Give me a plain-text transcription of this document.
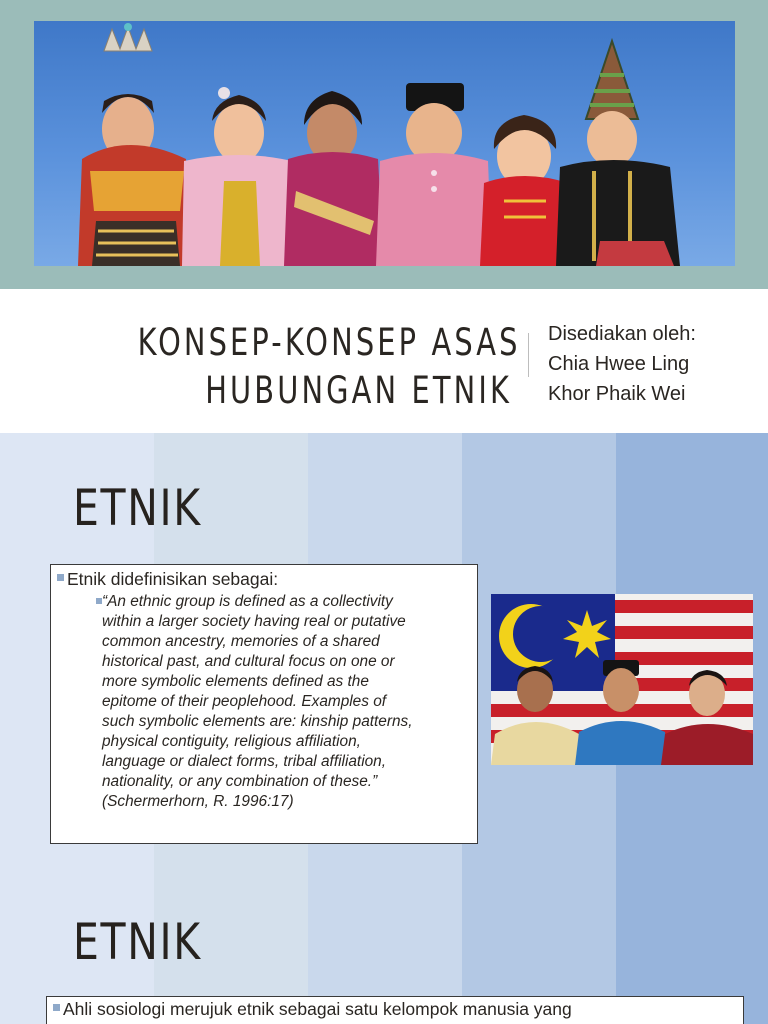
KONSEP-KONSEP ASAS
HUBUNGAN ETNIK
Disediakan oleh:
Chia Hwee Ling
Khor Phaik Wei
ETNIK
Etnik didefinisikan sebagai:
“An ethnic group is defined as a collectivity
within a larger society having real or putative
common ancestry, memories of a shared
historical past, and cultural focus on one or
more symbolic elements defined as the
epitome of their peoplehood. Examples of
such symbolic elements are: kinship patterns,
physical contiguity, religious affiliation,
language or dialect forms, tribal affiliation,
nationality, or any combination of these.”
(Schermerhorn, R. 1996:17)
ETNIK
Ahli sosiologi merujuk etnik sebagai satu kelompok manusia yang
